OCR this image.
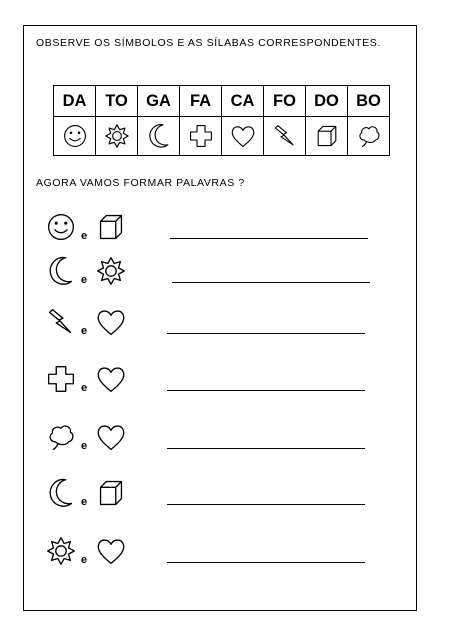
OBSERVE OS SÍMBOLOS E AS SÍLABAS CORRESPONDENTES.
DA	TO	GA	FA	CA	FO	DO	BO

AGORA VAMOS FORMAR PALAVRAS ?
e
e
e
e
e
e
e
